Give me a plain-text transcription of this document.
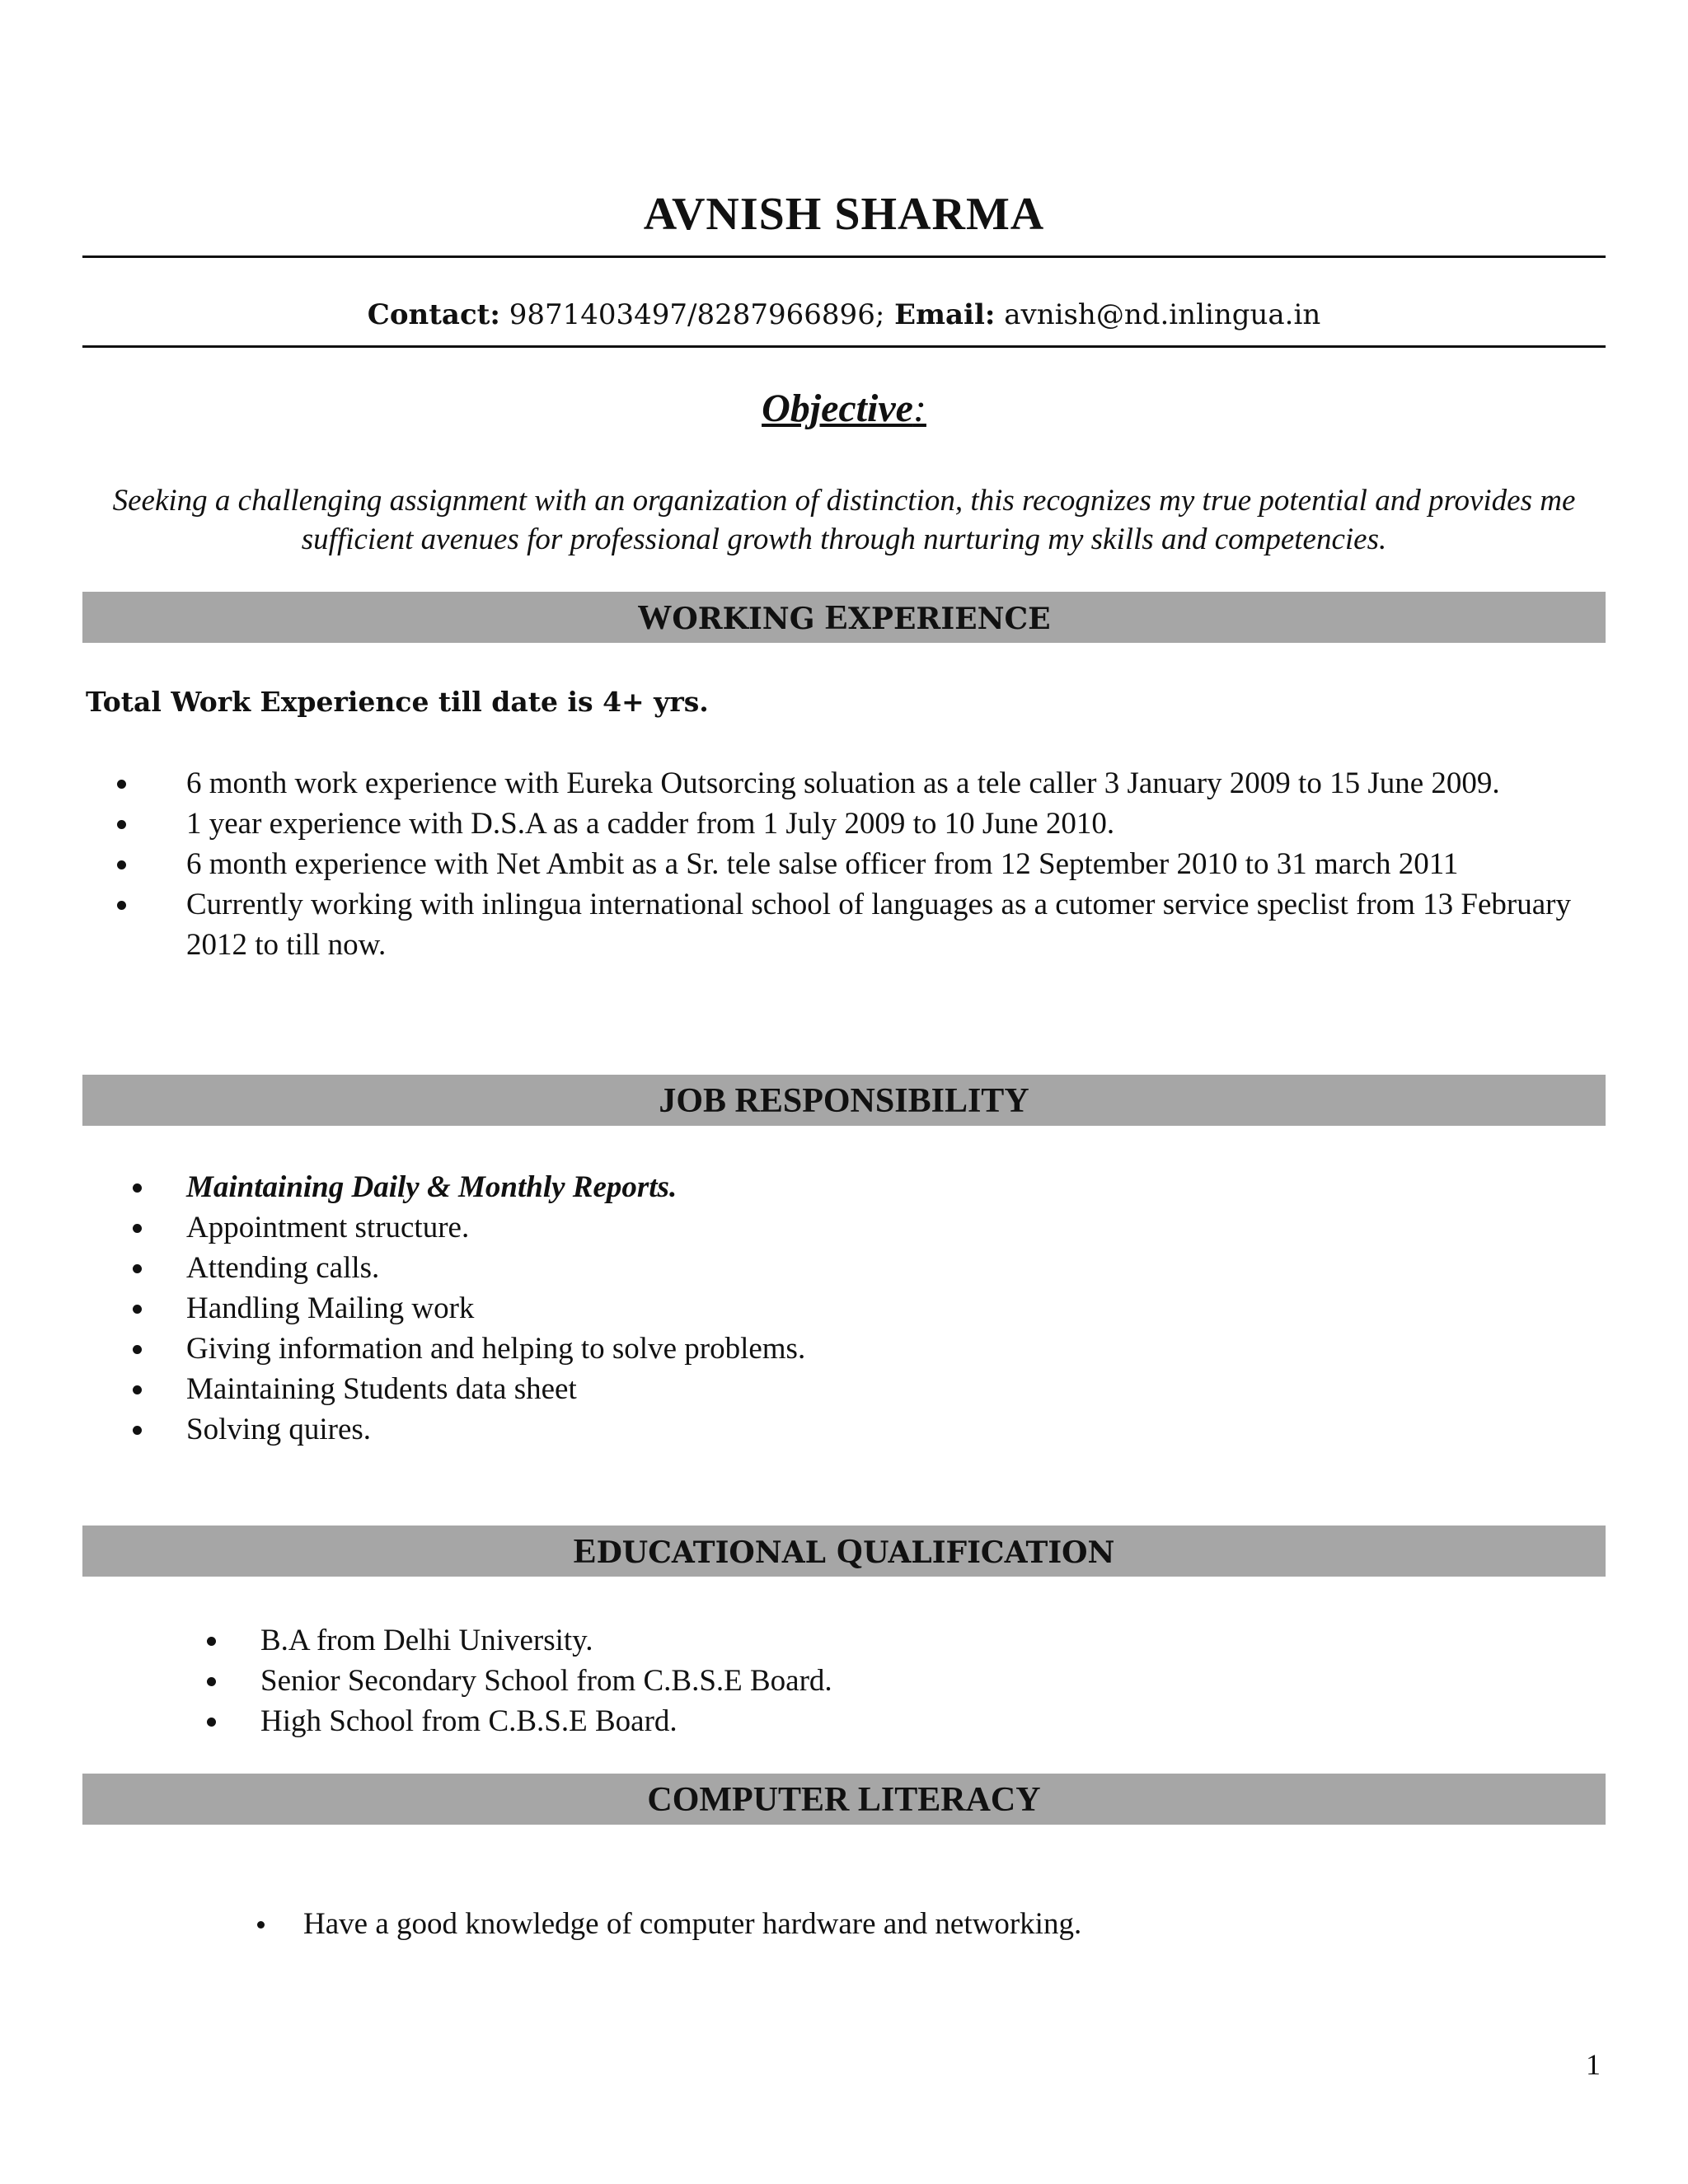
AVNISH SHARMA
Contact: 9871403497/8287966896; Email: avnish@nd.inlingua.in
Objective:
Seeking a challenging assignment with an organization of distinction, this recognizes my true potential and provides me sufficient avenues for professional growth through nurturing my skills and competencies.
WORKING EXPERIENCE
Total Work Experience till date is 4+ yrs.
6 month work experience with Eureka Outsorcing soluation as a tele caller 3 January 2009 to 15 June 2009.
1 year experience with D.S.A as a cadder from 1 July 2009 to 10 June 2010.
6 month experience with Net Ambit as a Sr. tele salse officer from 12 September 2010 to 31 march 2011
Currently working with inlingua international school of languages as a cutomer service speclist from 13 February 2012 to till now.
JOB RESPONSIBILITY
Maintaining Daily & Monthly Reports.
Appointment structure.
Attending calls.
Handling Mailing work
Giving information and helping to solve problems.
Maintaining Students data sheet
Solving quires.
EDUCATIONAL QUALIFICATION
B.A from Delhi University.
Senior Secondary School from C.B.S.E Board.
High School from C.B.S.E Board.
COMPUTER LITERACY
Have a good knowledge of computer hardware and networking.
1
